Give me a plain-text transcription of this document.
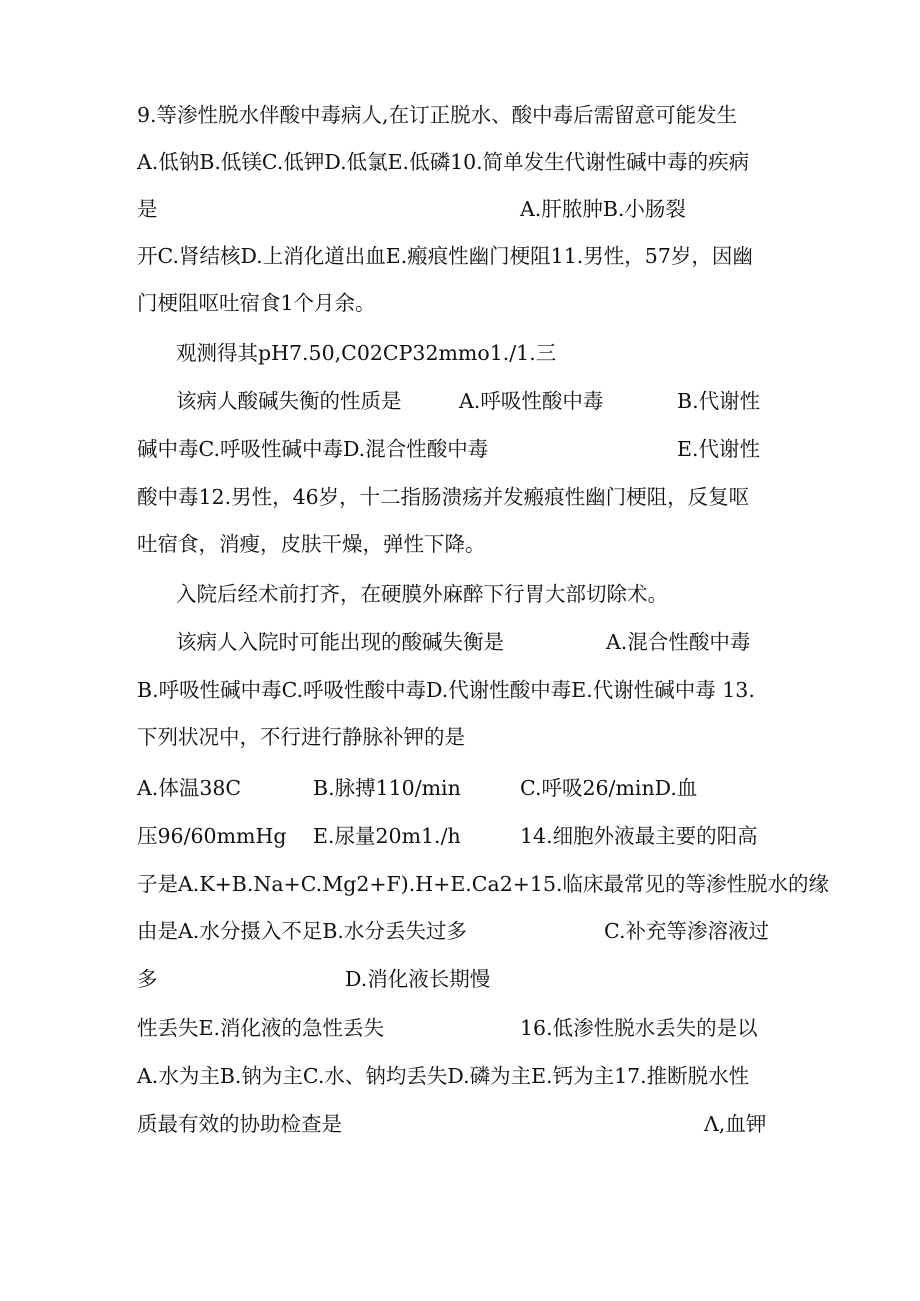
9.等渗性脱水伴酸中毒病人,在订正脱水、酸中毒后需留意可能发生

A.低钠B.低镁C.低钾D.低氯E.低磷10.简单发生代谢性碱中毒的疾病

是

	A.肝脓肿B.小肠裂

开C.肾结核D.上消化道出血E.瘢痕性幽门梗阻11.男性，57岁，因幽

门梗阻呕吐宿食1个月余。

观测得其pH7.50,C02CP32mmo1./1.三

该病人酸碱失衡的性质是

	A.呼吸性酸中毒

	B.代谢性

碱中毒C.呼吸性碱中毒D.混合性酸中毒

	E.代谢性

酸中毒12.男性，46岁，十二指肠溃疡并发瘢痕性幽门梗阻，反复呕

吐宿食，消瘦，皮肤干燥，弹性下降。

入院后经术前打齐，在硬膜外麻醉下行胃大部切除术。

该病人入院时可能出现的酸碱失衡是

	A.混合性酸中毒

B.呼吸性碱中毒C.呼吸性酸中毒D.代谢性酸中毒E.代谢性碱中毒 13.

下列状况中，不行进行静脉补钾的是

A.体温38C

	B.脉搏110/min

	C.呼吸26/minD.血

压96/60mmHg

E.尿量20m1./h

	14.细胞外液最主要的阳高

子是A.K+B.Na+C.Mg2+F).H+E.Ca2+15.临床最常见的等渗性脱水的缘

由是A.水分摄入不足B.水分丢失过多

	C.补充等渗溶液过

多

	D.消化液长期慢

性丢失E.消化液的急性丢失

	16.低渗性脱水丢失的是以

A.水为主B.钠为主C.水、钠均丢失D.磷为主E.钙为主17.推断脱水性

质最有效的协助检查是

	Λ,血钾
